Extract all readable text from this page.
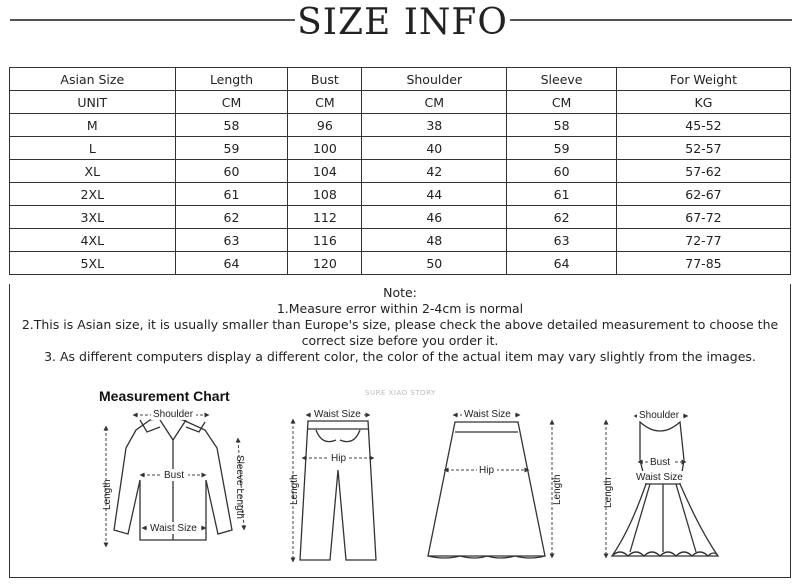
SIZE INFO
Asian Size	Length	Bust	Shoulder	Sleeve	For Weight
UNIT	CM	CM	CM	CM	KG
M	58	96	38	58	45-52
L	59	100	40	59	52-57
XL	60	104	42	60	57-62
2XL	61	108	44	61	62-67
3XL	62	112	46	62	67-72
4XL	63	116	48	63	72-77
5XL	64	120	50	64	77-85
Note:
1.Measure error within 2-4cm is normal
2.This is Asian size, it is usually smaller than Europe's size, please check the above detailed measurement to choose the correct size before you order it.
3. As different computers display a different color, the color of the actual item may vary slightly from the images.
Measurement Chart	SURE XIAO STORY
Shoulder
Bust
Waist Size
Length	Sleeve Length
Waist Size
Hip
Length
Waist Size
Hip
Length
Shoulder
Bust
Waist Size
Length
